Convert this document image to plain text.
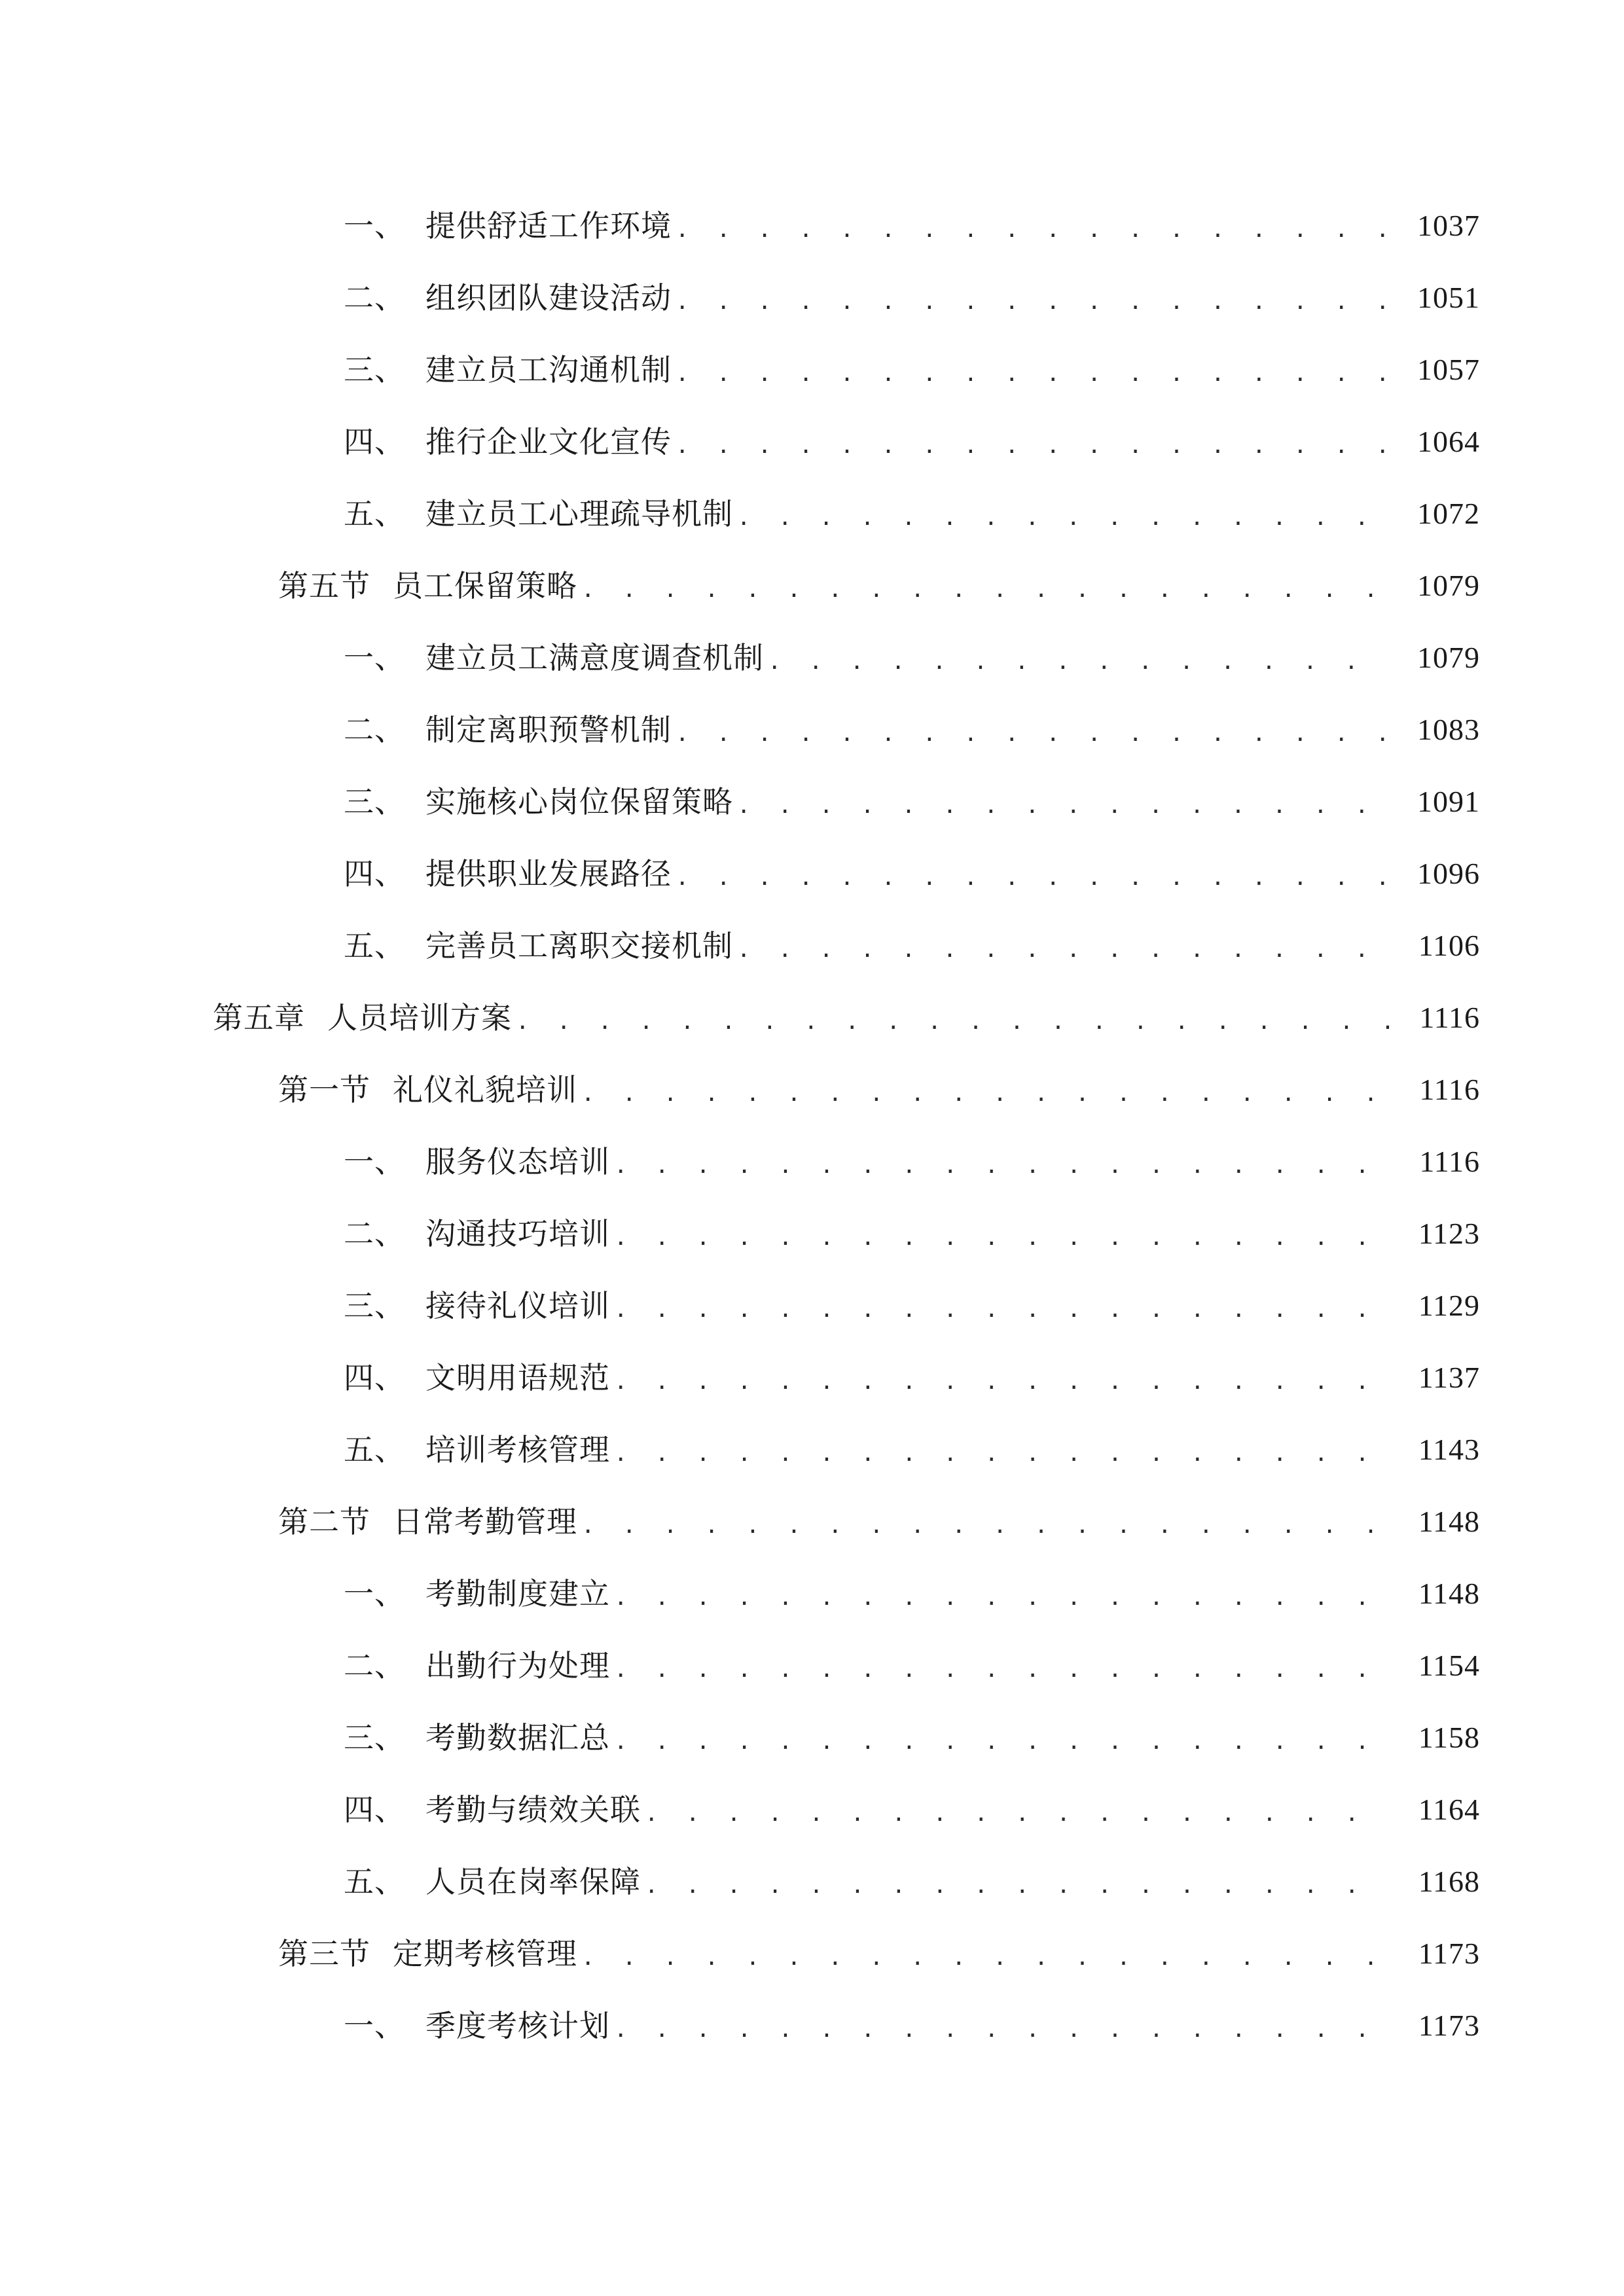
一、 提供舒适工作环境 . . .	1037
二、 组织团队建设活动 . . .	1051
三、 建立员工沟通机制 . . .	1057
四、 推行企业文化宣传 . . .	1064
五、 建立员工心理疏导机制 . . .	1072
第五节 员工保留策略 . . .	1079
一、 建立员工满意度调查机制 . . .	1079
二、 制定离职预警机制 . . .	1083
三、 实施核心岗位保留策略 . . .	1091
四、 提供职业发展路径 . . .	1096
五、 完善员工离职交接机制 . . .	1106
第五章 人员培训方案 . . .	1116
第一节 礼仪礼貌培训 . . .	1116
一、 服务仪态培训 . . .	1116
二、 沟通技巧培训 . . .	1123
三、 接待礼仪培训 . . .	1129
四、 文明用语规范 . . .	1137
五、 培训考核管理 . . .	1143
第二节 日常考勤管理 . . .	1148
一、 考勤制度建立 . . .	1148
二、 出勤行为处理 . . .	1154
三、 考勤数据汇总 . . .	1158
四、 考勤与绩效关联 . . .	1164
五、 人员在岗率保障 . . .	1168
第三节 定期考核管理 . . .	1173
一、 季度考核计划 . . .	1173
